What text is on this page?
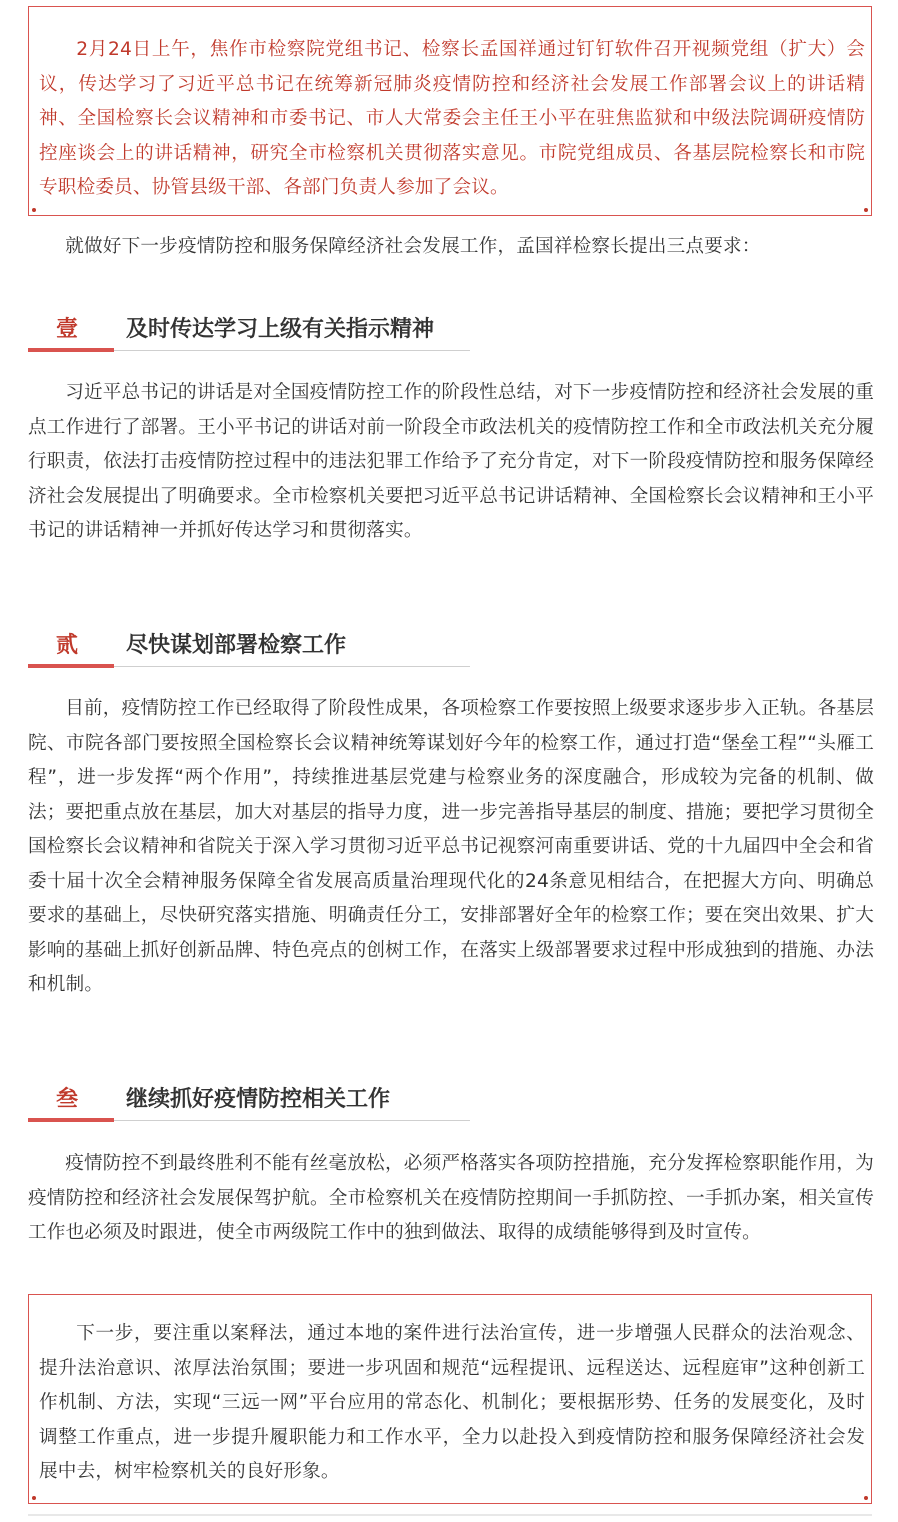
2月24日上午，焦作市检察院党组书记、检察长孟国祥通过钉钉软件召开视频党组（扩大）会议，传达学习了习近平总书记在统筹新冠肺炎疫情防控和经济社会发展工作部署会议上的讲话精神、全国检察长会议精神和市委书记、市人大常委会主任王小平在驻焦监狱和中级法院调研疫情防控座谈会上的讲话精神，研究全市检察机关贯彻落实意见。市院党组成员、各基层院检察长和市院专职检委员、协管县级干部、各部门负责人参加了会议。

就做好下一步疫情防控和服务保障经济社会发展工作，孟国祥检察长提出三点要求：

壹 及时传达学习上级有关指示精神

习近平总书记的讲话是对全国疫情防控工作的阶段性总结，对下一步疫情防控和经济社会发展的重点工作进行了部署。王小平书记的讲话对前一阶段全市政法机关的疫情防控工作和全市政法机关充分履行职责，依法打击疫情防控过程中的违法犯罪工作给予了充分肯定，对下一阶段疫情防控和服务保障经济社会发展提出了明确要求。全市检察机关要把习近平总书记讲话精神、全国检察长会议精神和王小平书记的讲话精神一并抓好传达学习和贯彻落实。

贰 尽快谋划部署检察工作

目前，疫情防控工作已经取得了阶段性成果，各项检察工作要按照上级要求逐步步入正轨。各基层院、市院各部门要按照全国检察长会议精神统筹谋划好今年的检察工作，通过打造“堡垒工程”“头雁工程”，进一步发挥“两个作用”，持续推进基层党建与检察业务的深度融合，形成较为完备的机制、做法；要把重点放在基层，加大对基层的指导力度，进一步完善指导基层的制度、措施；要把学习贯彻全国检察长会议精神和省院关于深入学习贯彻习近平总书记视察河南重要讲话、党的十九届四中全会和省委十届十次全会精神服务保障全省发展高质量治理现代化的24条意见相结合，在把握大方向、明确总要求的基础上，尽快研究落实措施、明确责任分工，安排部署好全年的检察工作；要在突出效果、扩大影响的基础上抓好创新品牌、特色亮点的创树工作，在落实上级部署要求过程中形成独到的措施、办法和机制。

叁 继续抓好疫情防控相关工作

疫情防控不到最终胜利不能有丝毫放松，必须严格落实各项防控措施，充分发挥检察职能作用，为疫情防控和经济社会发展保驾护航。全市检察机关在疫情防控期间一手抓防控、一手抓办案，相关宣传工作也必须及时跟进，使全市两级院工作中的独到做法、取得的成绩能够得到及时宣传。

下一步，要注重以案释法，通过本地的案件进行法治宣传，进一步增强人民群众的法治观念、提升法治意识、浓厚法治氛围；要进一步巩固和规范“远程提讯、远程送达、远程庭审”这种创新工作机制、方法，实现“三远一网”平台应用的常态化、机制化；要根据形势、任务的发展变化，及时调整工作重点，进一步提升履职能力和工作水平，全力以赴投入到疫情防控和服务保障经济社会发展中去，树牢检察机关的良好形象。
